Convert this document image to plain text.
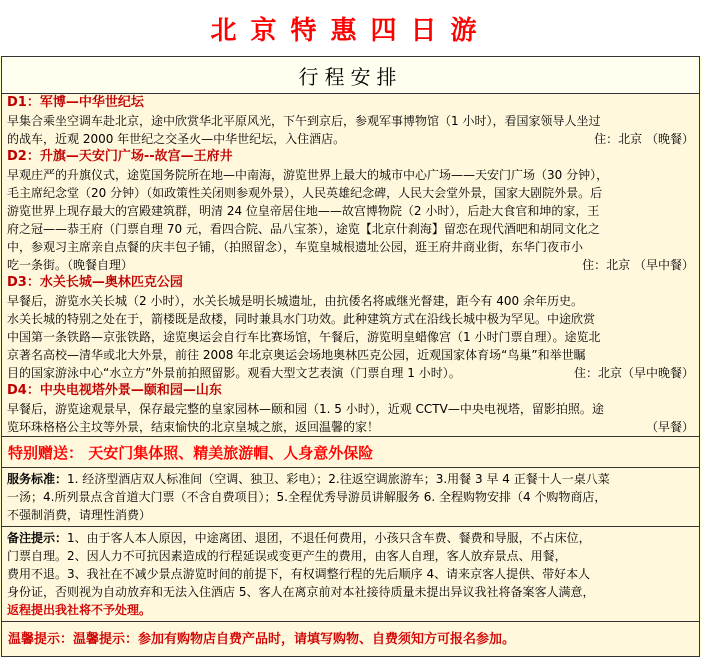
北京特惠四日游
行程安排
D1：军博—中华世纪坛
早集合乘坐空调车赴北京，途中欣赏华北平原风光，下午到京后，参观军事博物馆（1 小时），看国家领导人坐过
的战车，近观 2000 年世纪之交圣火—中华世纪坛，入住酒店。	住：北京 （晚餐）
D2：升旗—天安门广场--故宫—王府井
早观庄严的升旗仪式，途览国务院所在地—中南海，游览世界上最大的城市中心广场——天安门广场（30 分钟），
毛主席纪念堂（20 分钟）（如政策性关闭则参观外景），人民英雄纪念碑，人民大会堂外景，国家大剧院外景。后
游览世界上现存最大的宫殿建筑群，明清 24 位皇帝居住地——故宫博物院（2 小时），后赴大食官和坤的家，王
府之冠——恭王府（门票自理 70 元，看四合院、品八宝茶），途览【北京什刹海】留恋在现代酒吧和胡同文化之
中，参观习主席亲自点餐的庆丰包子铺，（拍照留念），车览皇城根遗址公园，逛王府井商业街，东华门夜市小
吃一条街。（晚餐自理）	住：北京 （早中餐）
D3：水关长城—奥林匹克公园
早餐后，游览水关长城（2 小时），水关长城是明长城遗址，由抗倭名将戚继光督建，距今有 400 余年历史。
水关长城的特别之处在于，箭楼既是敌楼，同时兼具水门功效。此种建筑方式在沿线长城中极为罕见。中途欣赏
中国第一条铁路—京张铁路，途览奥运会自行车比赛场馆，午餐后，游览明皇蜡像宫（1 小时门票自理）。途览北
京著名高校—清华或北大外景，前往 2008 年北京奥运会场地奥林匹克公园，近观国家体育场“鸟巢”和举世瞩
目的国家游泳中心“水立方”外景前拍照留影。观看大型文艺表演（门票自理 1 小时）。	住：北京（早中晚餐）
D4：中央电视塔外景—颐和园—山东
早餐后，游览途观景早，保存最完整的皇家园林—颐和园（1. 5 小时），近观 CCTV—中央电视塔，留影拍照。途
览环珠格格公主坟等外景，结束愉快的北京皇城之旅，返回温馨的家！	（早餐）
特别赠送： 天安门集体照、精美旅游帽、人身意外保险
服务标准：1. 经济型酒店双人标准间（空调、独卫、彩电）；2.往返空调旅游车；3.用餐 3 早 4 正餐十人一桌八菜
一汤；4.所列景点含首道大门票（不含自费项目）；5.全程优秀导游员讲解服务 6. 全程购物安排（4 个购物商店，
不强制消费，请理性消费）
备注提示：1、由于客人本人原因，中途离团、退团，不退任何费用，小孩只含车费、餐费和导服，不占床位，
门票自理。2、因人力不可抗因素造成的行程延误或变更产生的费用，由客人自理，客人放弃景点、用餐，
费用不退。3、我社在不减少景点游览时间的前提下，有权调整行程的先后顺序 4、请来京客人提供、带好本人
身份证，否则视为自动放弃和无法入住酒店 5、客人在离京前对本社接待质量未提出异议我社将备案客人满意，
返程提出我社将不予处理。
温馨提示：温馨提示：参加有购物店自费产品时，请填写购物、自费须知方可报名参加。
